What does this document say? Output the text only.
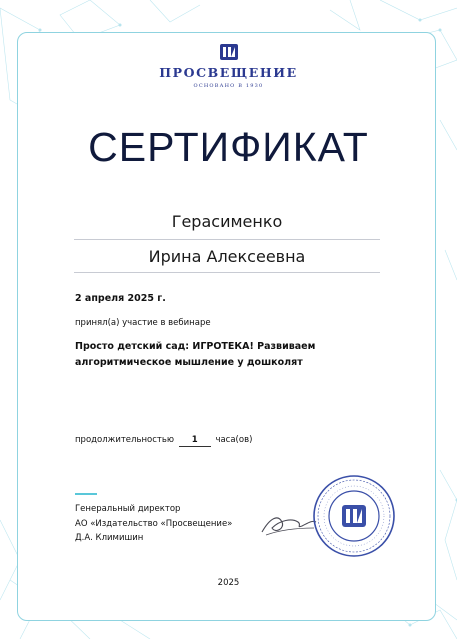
ПРОСВЕЩЕНИЕ
ОСНОВАНО В 1930
СЕРТИФИКАТ
Герасименко
Ирина Алексеевна
2 апреля 2025 г.
принял(а) участие в вебинаре
Просто детский сад: ИГРОТЕКА! Развиваем алгоритмическое мышление у дошколят
продолжительностью 1 часа(ов)
Генеральный директор
АО «Издательство «Просвещение»
Д.А. Климишин
2025
